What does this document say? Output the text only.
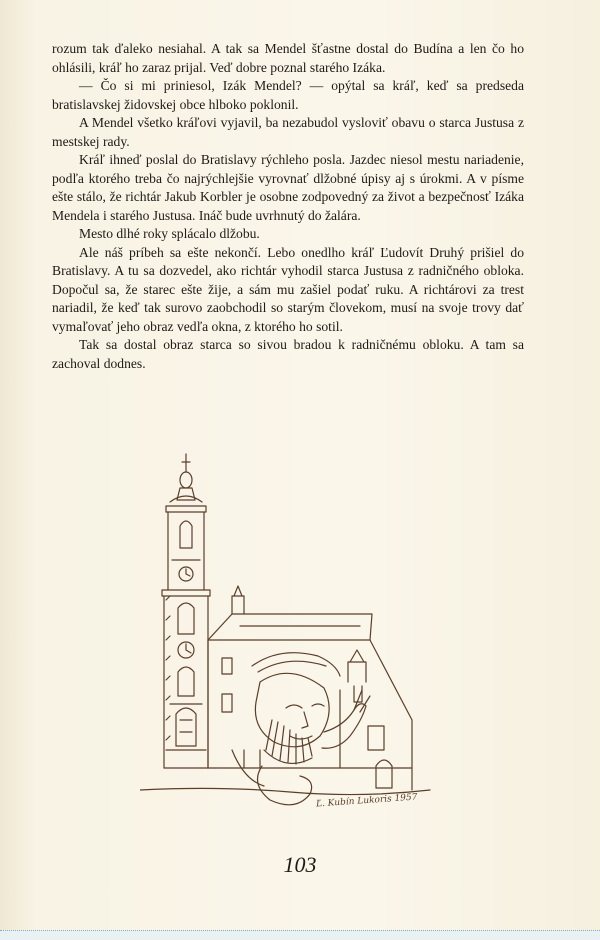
rozum tak ďaleko nesiahal. A tak sa Mendel šťastne dostal do Budína a len čo ho ohlásili, kráľ ho zaraz prijal. Veď dobre poznal starého Izáka.

— Čo si mi priniesol, Izák Mendel? — opýtal sa kráľ, keď sa predseda bratislavskej židovskej obce hlboko poklonil.

A Mendel všetko kráľovi vyjavil, ba nezabudol vysloviť obavu o starca Justusa z mestskej rady.

Kráľ ihneď poslal do Bratislavy rýchleho posla. Jazdec niesol mestu nariadenie, podľa ktorého treba čo najrýchlejšie vyrovnať dlžobné úpisy aj s úrokmi. A v písme ešte stálo, že richtár Jakub Korbler je osobne zodpovedný za život a bezpečnosť Izáka Mendela i starého Justusa. Ináč bude uvrhnutý do žalára.

Mesto dlhé roky splácalo dlžobu.

Ale náš príbeh sa ešte nekončí. Lebo onedlho kráľ Ľudovít Druhý prišiel do Bratislavy. A tu sa dozvedel, ako richtár vyhodil starca Justusa z radničného obloka. Dopočul sa, že starec ešte žije, a sám mu zašiel podať ruku. A richtárovi za trest nariadil, že keď tak surovo zaobchodil so starým človekom, musí na svoje trovy dať vymaľovať jeho obraz vedľa okna, z ktorého ho sotil.

Tak sa dostal obraz starca so sivou bradou k radničnému obloku. A tam sa zachoval dodnes.

Ľ. Kubín Lukoris 1957
103
